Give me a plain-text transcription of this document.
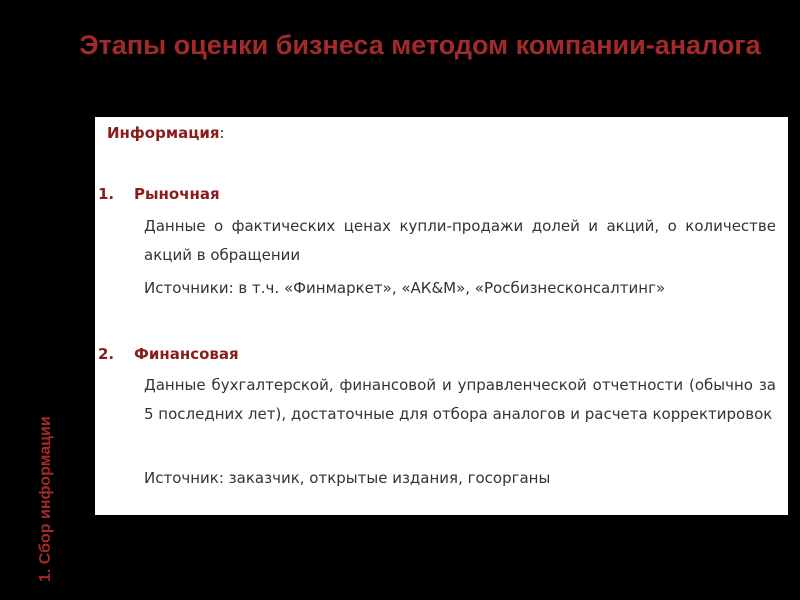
Этапы оценки бизнеса методом компании-аналога
1. Сбор информации
Информация:
1. Рыночная

Данные о фактических ценах купли-продажи долей и акций, о количестве акций в обращении

Источники: в т.ч. «Финмаркет», «АК&М», «Росбизнесконсалтинг»
2. Финансовая

Данные бухгалтерской, финансовой и управленческой отчетности (обычно за 5 последних лет), достаточные для отбора аналогов и расчета корректировок

Источник: заказчик, открытые издания, госорганы
